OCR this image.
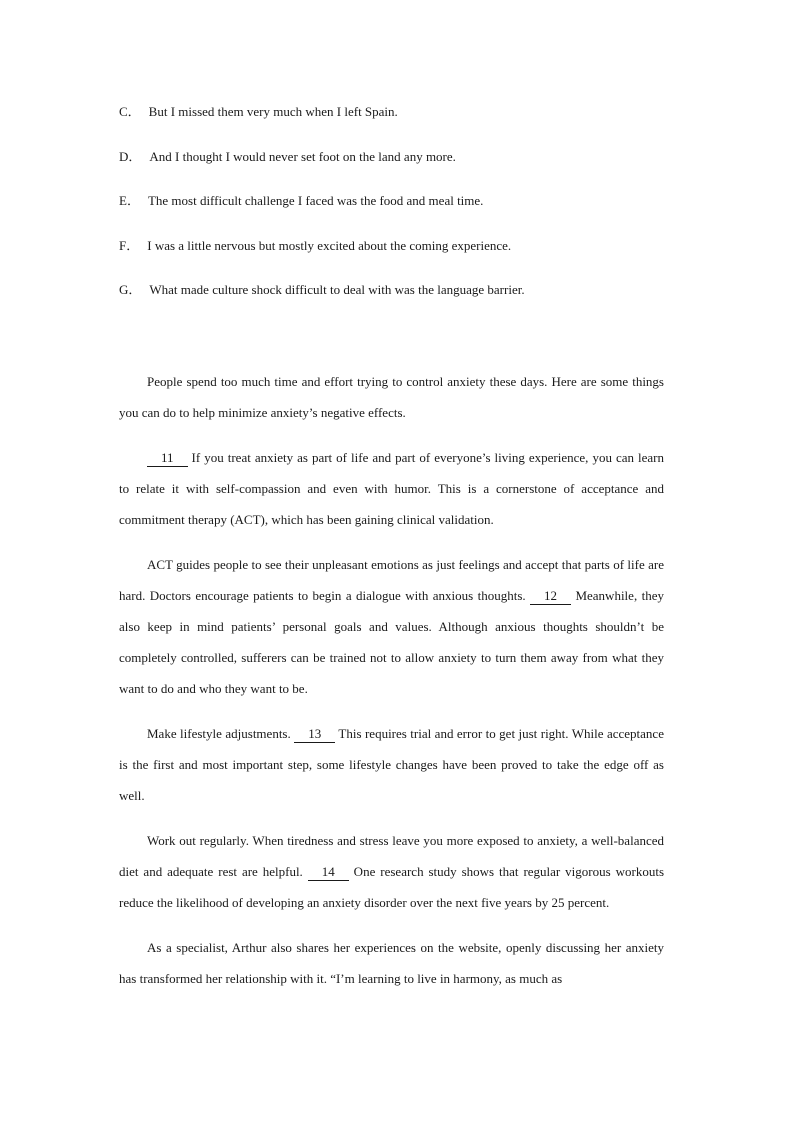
C． But I missed them very much when I left Spain.
D． And I thought I would never set foot on the land any more.
E． The most difficult challenge I faced was the food and meal time.
F． I was a little nervous but mostly excited about the coming experience.
G． What made culture shock difficult to deal with was the language barrier.

People spend too much time and effort trying to control anxiety these days. Here are some things you can do to help minimize anxiety’s negative effects.

11 If you treat anxiety as part of life and part of everyone’s living experience, you can learn to relate it with self-compassion and even with humor. This is a cornerstone of acceptance and commitment therapy (ACT), which has been gaining clinical validation.

ACT guides people to see their unpleasant emotions as just feelings and accept that parts of life are hard. Doctors encourage patients to begin a dialogue with anxious thoughts. 12 Meanwhile, they also keep in mind patients’ personal goals and values. Although anxious thoughts shouldn’t be completely controlled, sufferers can be trained not to allow anxiety to turn them away from what they want to do and who they want to be.

Make lifestyle adjustments. 13 This requires trial and error to get just right. While acceptance is the first and most important step, some lifestyle changes have been proved to take the edge off as well.

Work out regularly. When tiredness and stress leave you more exposed to anxiety, a well-balanced diet and adequate rest are helpful. 14 One research study shows that regular vigorous workouts reduce the likelihood of developing an anxiety disorder over the next five years by 25 percent.

As a specialist, Arthur also shares her experiences on the website, openly discussing her anxiety has transformed her relationship with it. “I’m learning to live in harmony, as much as
